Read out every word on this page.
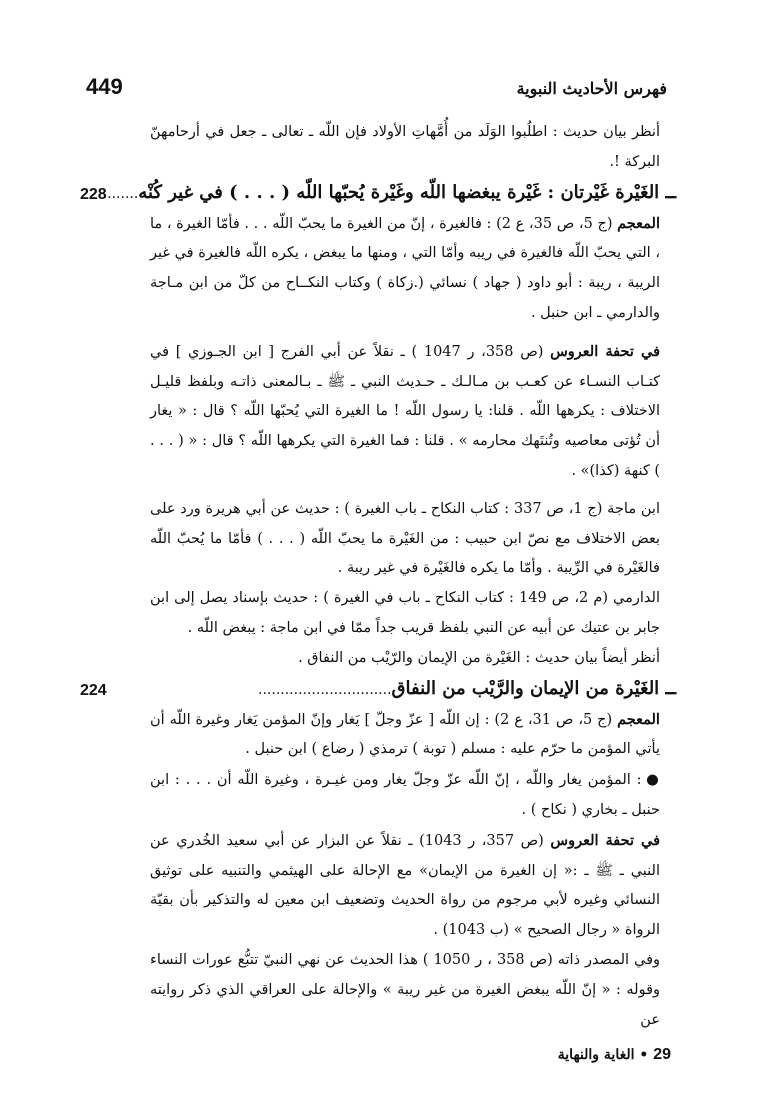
فهرس الأحاديث النبوية
449

أنظر بيان حديث : اطلُبوا الوَلَد من أُمَّهاتِ الأولاد فإن اللّه ـ تعالى ـ جعل في أرحامهنّ البركة !.

ــ الغَيْرة غَيْرتان : غَيْرة يبغضها اللّه وغَيْرة يُحبّها اللّه ( . . . ) في غير كُنْه........
228

المعجم (ج 5، ص 35، ع 2) : فالغيرة ، إنّ من الغيرة ما يحبّ اللّه . . . فأمّا الغيرة ، ما ، التي يحبّ اللّه فالغيرة في ريبه وأمّا التي ، ومنها ما يبغض ، يكره اللّه فالغيرة في غير الريبة ، ريبة : أبو داود ( جهاد ) نسائي (.زكاة ) وكتاب النكــاح من كلّ من ابن مـاجة والدارمي ـ ابن حنبل .

في تحفة العروس (ص 358، ر 1047 ) ـ نقلاً عن أبي الفرج [ ابن الجـوزي ] في كتـاب النسـاء عن كعـب بن مـالـك ـ حـديث النبي ـ ﷺ ـ بـالمعنى ذاتـه وبلفظ قليـل الاختلاف : يكرهها اللّه . قلنا: يا رسول اللّه ! ما الغيرة التي يُحبّها اللّه ؟ قال : « يغار أن تُؤتى معاصيه وتُنتَهك محارمه » . قلنا : فما الغيرة التي يكرهها اللّه ؟ قال : « ( . . . ) كنهة (كذا)» .

ابن ماجة (ج 1، ص 337 : كتاب النكاح ـ باب الغيرة ) : حديث عن أبي هريرة ورد على بعض الاختلاف مع نصّ ابن حبيب : من الغَيْرة ما يحبّ اللّه ( . . . ) فأمّا ما يُحبّ اللّه فالغَيْرة في الرِّيبة . وأمّا ما يكره فالغَيْرة في غير ريبة .

الدارمي (م 2، ص 149 : كتاب النكاح ـ باب في الغيرة ) : حديث بإسناد يصل إلى ابن جابر بن عتيك عن أبيه عن النبي بلفظ قريب جداً ممّا في ابن ماجة : يبغض اللّه .

أنظر أيضاً بيان حديث : الغَيْرة من الإيمان والرّيْب من النفاق .

ــ الغَيْرة من الإيمان والرَّيْب من النفاق..............................
224

المعجم (ج 5، ص 31، ع 2) : إن اللّه [ عزّ وجلّ ] يَغار وإنّ المؤمن يَغار وغيرة اللّه أن يأتي المؤمن ما حرّم عليه : مسلم ( توبة ) ترمذي ( رضاع ) ابن حنبل .

● : المؤمن يغار واللّه ، إنّ اللّه عزّ وجلّ يغار ومن غيـرة ، وغيرة اللّه أن . . . : ابن حنبل ـ بخاري ( نكاح ) .

في تحفة العروس (ص 357، ر 1043) ـ نقلاً عن البزار عن أبي سعيد الخُدري عن النبي ـ ﷺ ـ :« إن الغيرة من الإيمان» مع الإحالة على الهيثمي والتنبيه على توثيق النسائي وغيره لأبي مرجوم من رواة الحديث وتضعيف ابن معين له والتذكير بأن بقيّة الرواة « رجال الصحيح » (ب 1043) .

وفي المصدر ذاته (ص 358 ، ر 1050 ) هذا الحديث عن نهي النبيّ تتبُّع عورات النساء وقوله : « إنّ اللّه يبغض الغيرة من غير ريبة » والإحالة على العراقي الذي ذكر روايته عن

29 • الغاية والنهاية
